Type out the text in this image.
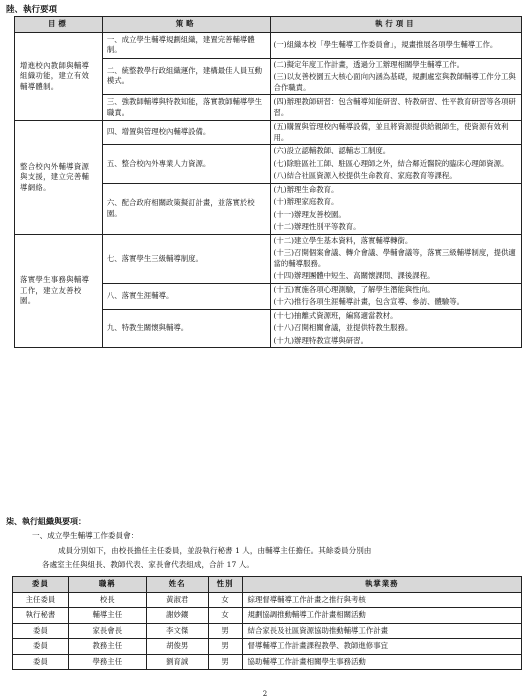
陸、執行要項
目標	策略	執行項目
增進校內教師與輔導組織功能，建立有效輔導體制。	一、成立學生輔導規劃組織，建置完善輔導體制。	(一)組織本校「學生輔導工作委員會」，規畫推展各項學生輔導工作。
	二、統整教學行政組織運作，建構最佳人員互動模式。	(二)擬定年度工作計畫，透過分工辦理相關學生輔導工作。
		(三)以友善校園五大核心面向內涵為基礎，規劃處室與教師輔導工作分工與合作職責。
	三、強教師輔導與特教知能，落實教師輔導學生職責。	(四)辦理教師研習：包含輔導知能研習、特教研習、性平教育研習等各項研習。
整合校內外輔導資源與支援，建立完善輔導網絡。	四、增置與管理校內輔導設備。	(五)購置與管理校內輔導設備，並且將資源提供給親師生，使資源有效利用。
	五、整合校內外專業人力資源。	(六)設立認輔教師、認輔志工制度。
		(七)除駐區社工師、駐區心理師之外，結合鄰近醫院的臨床心理師資源。
		(八)結合社區資源入校提供生命教育、家庭教育等課程。
	六、配合政府相關政策擬訂計畫，並落實於校園。	(九)辦理生命教育。
		(十)辦理家庭教育。
		(十一)辦理友善校園。
		(十二)辦理性別平等教育。
落實學生事務與輔導工作，建立友善校園。	七、落實學生三級輔導制度。	(十二)建立學生基本資料，落實輔導轉銜。
		(十三)召開個案會議、轉介會議、學輔會議等，落實三級輔導制度，提供適當的輔導服務。
		(十四)辦理團體中短生、高關懷課問、課後課程。
	八、落實生涯輔導。	(十五)實施各項心理測驗，了解學生潛能與性向。
		(十六)推行各項生涯輔導計畫，包含宣導、參訪、體驗等。
	九、特教生關懷與輔導。	(十七)抽離式資源班，編寫適當教材。
		(十八)召開相關會議，並提供特教生服務。
		(十九)辦理特教宣導與研習。
柒、執行組織與要項：
一、成立學生輔導工作委員會：
成員分別如下，由校長擔任主任委員，並設執行秘書 1 人，由輔導主任擔任。其餘委員分別由
各處室主任與組長、教師代表、家長會代表組成，合計 17 人。
委員	職稱	姓名	性別	執掌業務
主任委員	校長	黃淑君	女	綜理督導輔導工作計畫之推行與考核
執行秘書	輔導主任	謝妙鑲	女	規劃協調推動輔導工作計畫相關活動
委員	家長會長	李文傑	男	結合家長及社區資源協助推動輔導工作計畫
委員	教務主任	胡俊男	男	督導輔導工作計畫課程教學、教師進修事宜
委員	學務主任	劉育誠	男	協助輔導工作計畫相關學生事務活動
2
